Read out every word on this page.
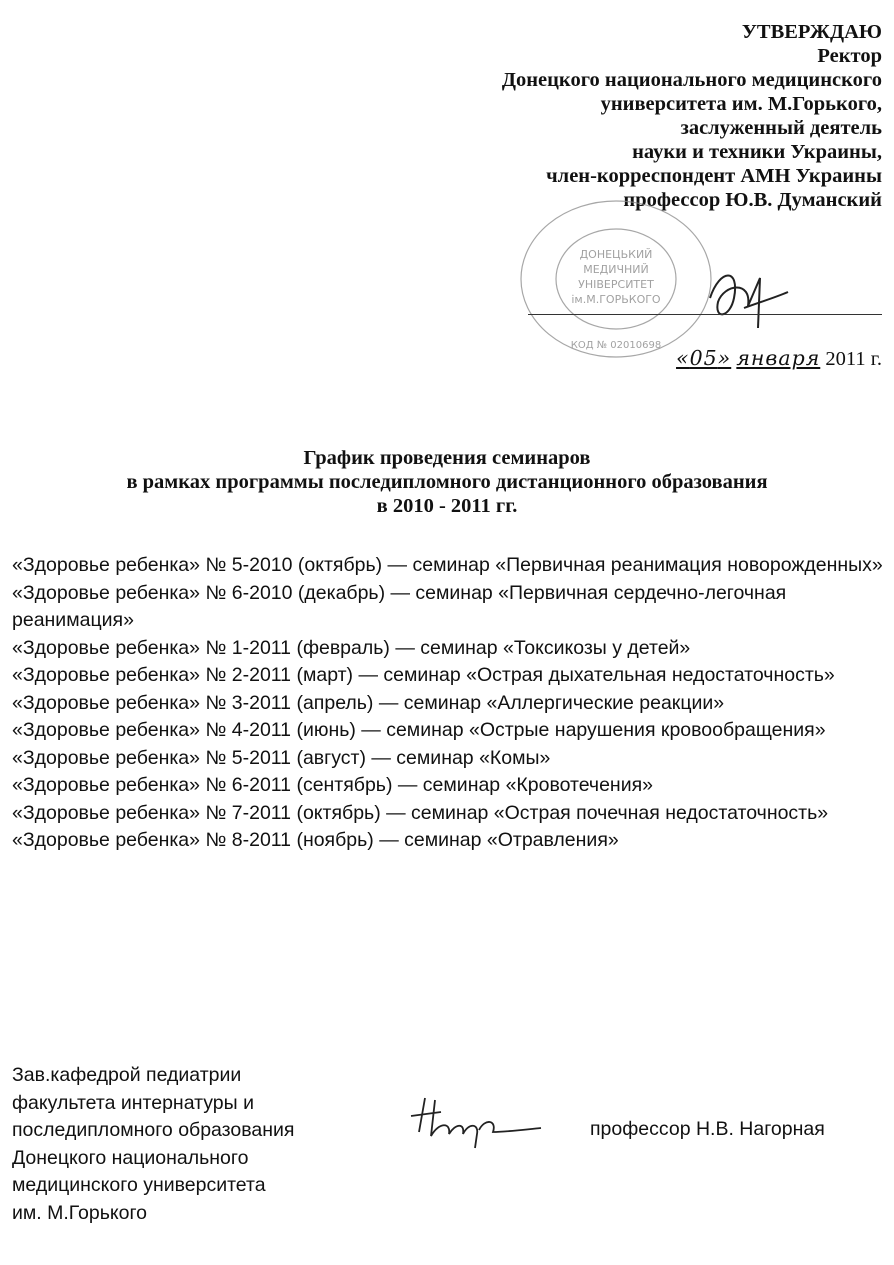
УТВЕРЖДАЮ
Ректор
Донецкого национального медицинского
университета им. М.Горького,
заслуженный деятель
науки и техники Украины,
член-корреспондент АМН Украины
профессор Ю.В. Думанский
ДОНЕЦЬКИЙ
МЕДИЧНИЙ
УНІВЕРСИТЕТ
ім.М.ГОРЬКОГО
КОД № 02010698
«05» января 2011 г.
График проведения семинаров
в рамках программы последипломного дистанционного образования
в 2010 - 2011 гг.
«Здоровье ребенка» № 5-2010 (октябрь) — семинар «Первичная реанимация новорожденных»
«Здоровье ребенка» № 6-2010 (декабрь) — семинар «Первичная сердечно-легочная реанимация»
«Здоровье ребенка» № 1-2011 (февраль) — семинар «Токсикозы у детей»
«Здоровье ребенка» № 2-2011 (март) — семинар «Острая дыхательная недостаточность»
«Здоровье ребенка» № 3-2011 (апрель) — семинар «Аллергические реакции»
«Здоровье ребенка» № 4-2011 (июнь) — семинар «Острые нарушения кровообращения»
«Здоровье ребенка» № 5-2011 (август) — семинар «Комы»
«Здоровье ребенка» № 6-2011 (сентябрь) — семинар «Кровотечения»
«Здоровье ребенка» № 7-2011 (октябрь) — семинар «Острая почечная недостаточность»
«Здоровье ребенка» № 8-2011 (ноябрь) — семинар «Отравления»
Зав.кафедрой педиатрии
факультета интернатуры и
последипломного образования
Донецкого национального
медицинского университета
им. М.Горького
профессор Н.В. Нагорная
